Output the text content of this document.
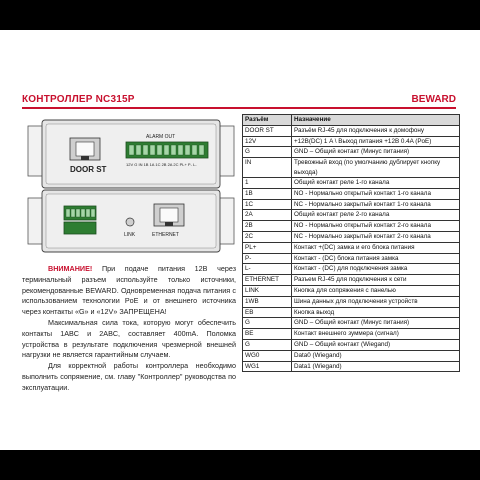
КОНТРОЛЛЕР NC315P	BEWARD
ALARM OUT
12V G IN 1B 1A 1C 2B 2A 2C PL+ P- L-
DOOR ST
LINK	ETHERNET

ВНИМАНИЕ! При подаче питания 12В через терминальный разъем используйте только источники, рекомендованные BEWARD. Одновременная подача питания с использованием технологии PoE и от внешнего источника через контакты «G» и «12V» ЗАПРЕЩЕНА!

Максимальная сила тока, которую могут обеспечить контакты 1ABC и 2ABC, составляет 400mA. Поломка устройства в результате подключения чрезмерной внешней нагрузки не является гарантийным случаем.

Для корректной работы контроллера необходимо выполнить сопряжение, см. главу "Контроллер" руководства по эксплуатации.

Разъём	Назначение
DOOR ST	Разъём RJ-45 для подключения к домофону
12V	+12В(DC) 1 A \ Выход питания +12В 0.4A (PoE)
G	GND – Общий контакт (Минус питания)
IN	Тревожный вход (по умолчанию дублирует кнопку выхода)
1	Общий контакт реле 1-го канала
1B	NO - Нормально открытый контакт 1-го канала
1C	NC - Нормально закрытый контакт 1-го канала
2A	Общий контакт реле 2-го канала
2B	NO - Нормально открытый контакт 2-го канала
2C	NC - Нормально закрытый контакт 2-го канала
PL+	Контакт +(DC) замка и его блока питания
P-	Контакт - (DC) блока питания замка
L-	Контакт - (DC) для подключения замка
ETHERNET	Разъем RJ-45 для подключения к сети
LINK	Кнопка для сопряжения с панелью
1WB	Шина данных для подключения устройств
EB	Кнопка выход
G	GND – Общий контакт (Минус питания)
BE	Контакт внешнего зуммера (сигнал)
G	GND – Общий контакт (Wiegand)
WG0	Data0 (Wiegand)
WG1	Data1 (Wiegand)
